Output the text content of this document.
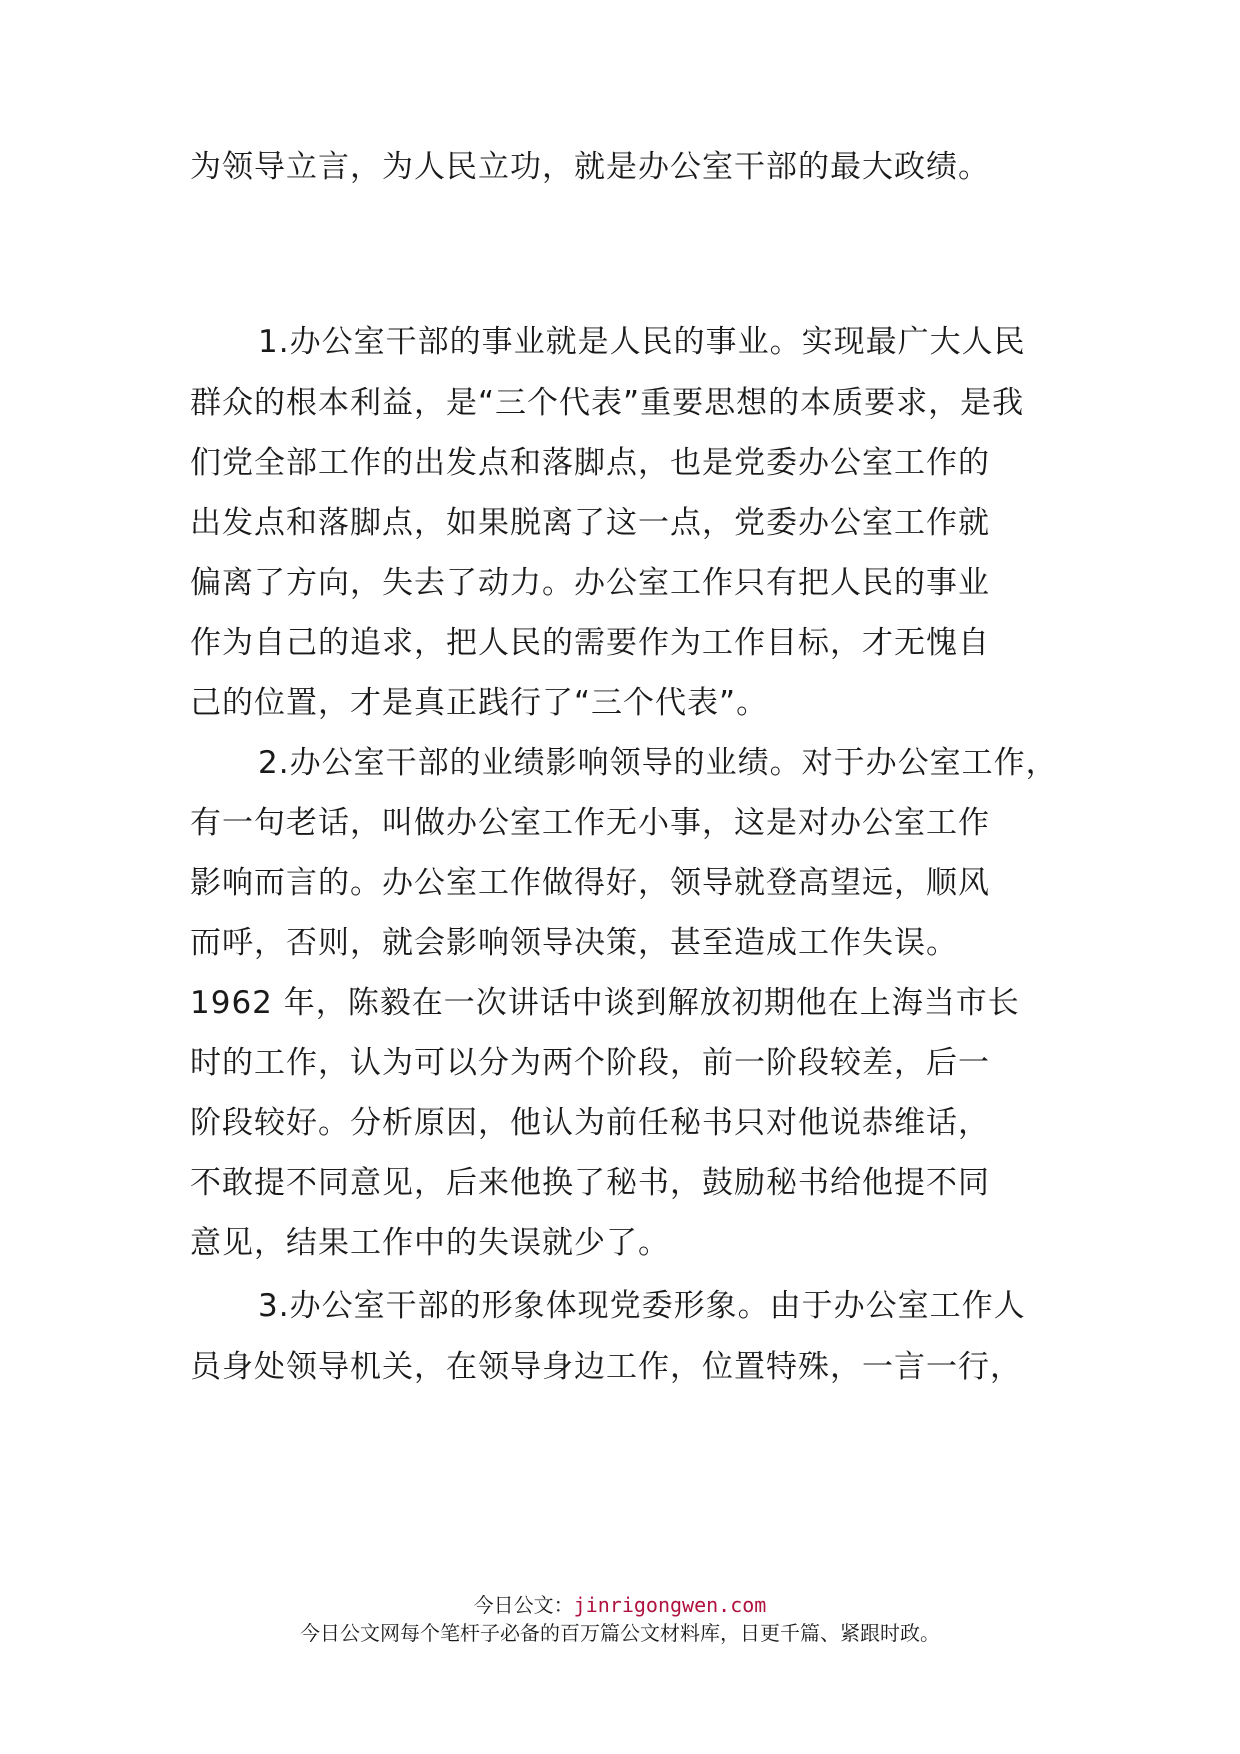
为领导立言，为人民立功，就是办公室干部的最大政绩。
1.办公室干部的事业就是人民的事业。实现最广大人民
群众的根本利益，是“三个代表”重要思想的本质要求，是我
们党全部工作的出发点和落脚点，也是党委办公室工作的
出发点和落脚点，如果脱离了这一点，党委办公室工作就
偏离了方向，失去了动力。办公室工作只有把人民的事业
作为自己的追求，把人民的需要作为工作目标，才无愧自
己的位置，才是真正践行了“三个代表”。
2.办公室干部的业绩影响领导的业绩。对于办公室工作，
有一句老话，叫做办公室工作无小事，这是对办公室工作
影响而言的。办公室工作做得好，领导就登高望远，顺风
而呼，否则，就会影响领导决策，甚至造成工作失误。
1962 年，陈毅在一次讲话中谈到解放初期他在上海当市长
时的工作，认为可以分为两个阶段，前一阶段较差，后一
阶段较好。分析原因，他认为前任秘书只对他说恭维话，
不敢提不同意见，后来他换了秘书，鼓励秘书给他提不同
意见，结果工作中的失误就少了。
3.办公室干部的形象体现党委形象。由于办公室工作人
员身处领导机关，在领导身边工作，位置特殊，一言一行，
今日公文：jinrigongwen.com
今日公文网每个笔杆子必备的百万篇公文材料库，日更千篇、紧跟时政。
